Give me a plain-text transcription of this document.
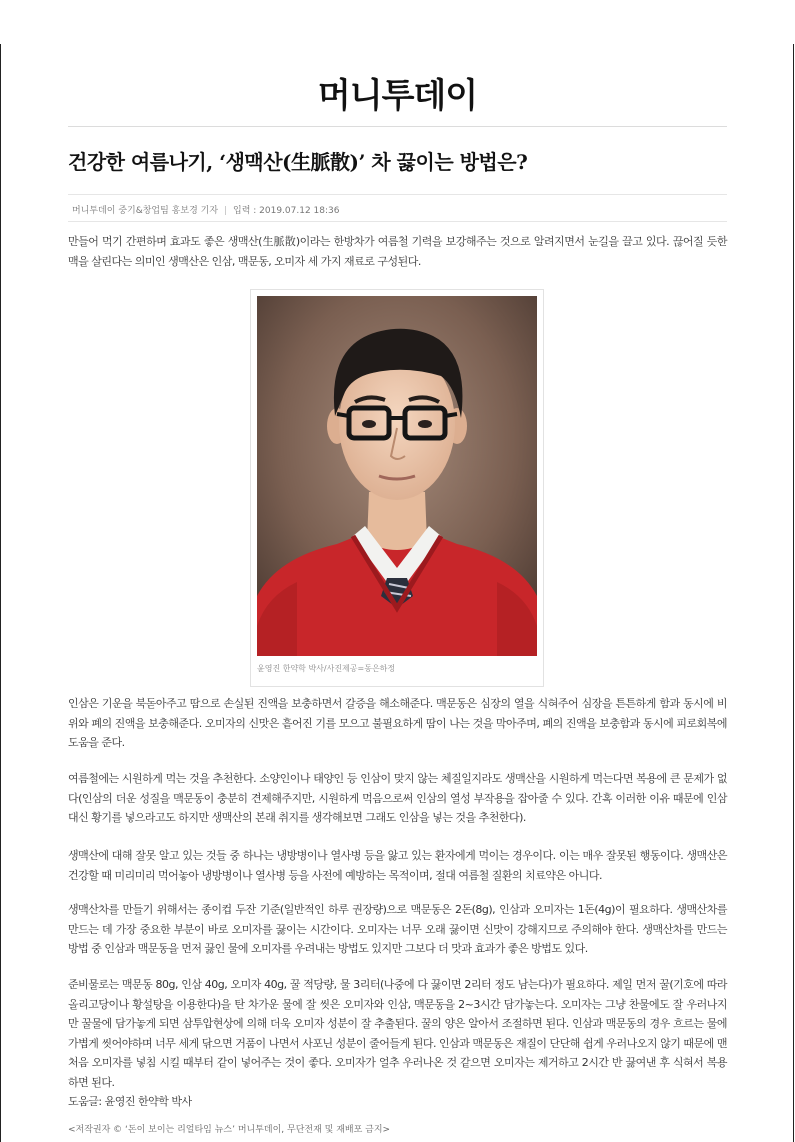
머니투데이
건강한 여름나기, ‘생맥산(生脈散)’ 차 끓이는 방법은?
머니투데이 중기&창업팀 홍보경 기자 입력 : 2019.07.12 18:36

만들어 먹기 간편하며 효과도 좋은 생맥산(生脈散)이라는 한방차가 여름철 기력을 보강해주는 것으로 알려지면서 눈길을 끌고 있다. 끊어질 듯한 맥을 살린다는 의미인 생맥산은 인삼, 맥문동, 오미자 세 가지 재료로 구성된다.

윤영진 한약학 박사/사진제공=동은하정

인삼은 기운을 북돋아주고 땀으로 손실된 진액을 보충하면서 갈증을 해소해준다. 맥문동은 심장의 열을 식혀주어 심장을 튼튼하게 함과 동시에 비위와 폐의 진액을 보충해준다. 오미자의 신맛은 흩어진 기를 모으고 불필요하게 땀이 나는 것을 막아주며, 폐의 진액을 보충함과 동시에 피로회복에 도움을 준다.

여름철에는 시원하게 먹는 것을 추천한다. 소양인이나 태양인 등 인삼이 맞지 않는 체질일지라도 생맥산을 시원하게 먹는다면 복용에 큰 문제가 없다(인삼의 더운 성질을 맥문동이 충분히 견제해주지만, 시원하게 먹음으로써 인삼의 열성 부작용을 잡아줄 수 있다. 간혹 이러한 이유 때문에 인삼 대신 황기를 넣으라고도 하지만 생맥산의 본래 취지를 생각해보면 그래도 인삼을 넣는 것을 추천한다).

생맥산에 대해 잘못 알고 있는 것들 중 하나는 냉방병이나 열사병 등을 앓고 있는 환자에게 먹이는 경우이다. 이는 매우 잘못된 행동이다. 생맥산은 건강할 때 미리미리 먹어놓아 냉방병이나 열사병 등을 사전에 예방하는 목적이며, 절대 여름철 질환의 치료약은 아니다.

생맥산차를 만들기 위해서는 종이컵 두잔 기준(일반적인 하루 권장량)으로 맥문동은 2돈(8g), 인삼과 오미자는 1돈(4g)이 필요하다. 생맥산차를 만드는 데 가장 중요한 부분이 바로 오미자를 끓이는 시간이다. 오미자는 너무 오래 끓이면 신맛이 강해지므로 주의해야 한다. 생맥산차를 만드는 방법 중 인삼과 맥문동을 먼저 끓인 물에 오미자를 우려내는 방법도 있지만 그보다 더 맛과 효과가 좋은 방법도 있다.

준비물로는 맥문동 80g, 인삼 40g, 오미자 40g, 꿀 적당량, 물 3리터(나중에 다 끓이면 2리터 정도 남는다)가 필요하다. 제일 먼저 꿀(기호에 따라 올리고당이나 황설탕을 이용한다)을 탄 차가운 물에 잘 씻은 오미자와 인삼, 맥문동을 2~3시간 담가놓는다. 오미자는 그냥 찬물에도 잘 우러나지만 꿀물에 담가놓게 되면 삼투압현상에 의해 더욱 오미자 성분이 잘 추출된다. 꿀의 양은 알아서 조절하면 된다. 인삼과 맥문동의 경우 흐르는 물에 가볍게 씻어야하며 너무 세게 닦으면 거품이 나면서 사포닌 성분이 줄어들게 된다. 인삼과 맥문동은 재질이 단단해 쉽게 우러나오지 않기 때문에 맨 처음 오미자를 넣침 시킬 때부터 같이 넣어주는 것이 좋다. 오미자가 얼추 우러나온 것 같으면 오미자는 제거하고 2시간 반 끓여낸 후 식혀서 복용하면 된다.
도움글: 윤영진 한약학 박사

<저작권자 © ‘돈이 보이는 리얼타임 뉴스’ 머니투데이, 무단전재 및 재배포 금지>
